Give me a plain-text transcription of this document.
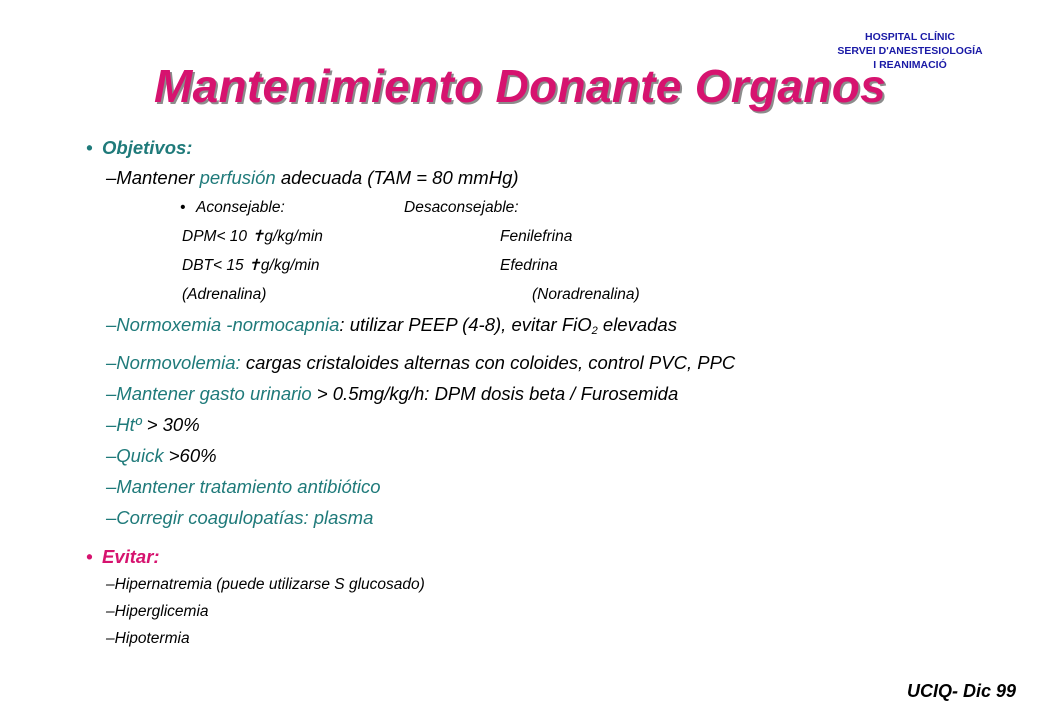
HOSPITAL CLÍNIC
SERVEI D'ANESTESIOLOGÍA
I REANIMACIÓ
Mantenimiento Donante Organos
• Objetivos:
–Mantener perfusión adecuada (TAM = 80 mmHg)
• Aconsejable:	Desaconsejable:
DPM< 10 ✝g/kg/min	Fenilefrina
DBT< 15 ✝g/kg/min	Efedrina
(Adrenalina)	(Noradrenalina)
–Normoxemia -normocapnia: utilizar PEEP (4-8), evitar FiO$_2$ elevadas
–Normovolemia: cargas cristaloides alternas con coloides, control PVC, PPC
–Mantener gasto urinario > 0.5mg/kg/h: DPM dosis beta / Furosemida
–Htº > 30%
–Quick >60%
–Mantener tratamiento antibiótico
–Corregir coagulopatías: plasma
• Evitar:
–Hipernatremia (puede utilizarse S glucosado)
–Hiperglicemia
–Hipotermia
UCIQ- Dic 99
